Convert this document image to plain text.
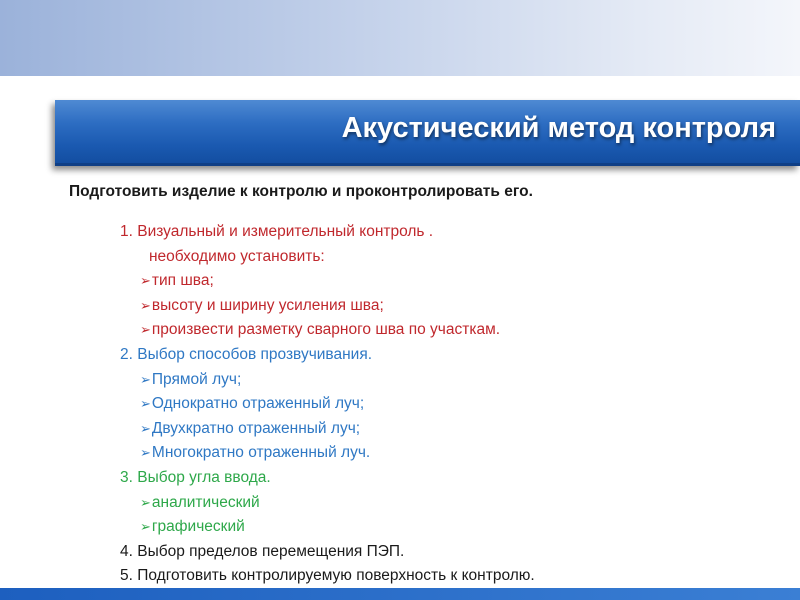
Акустический метод контроля
Подготовить изделие к контролю и проконтролировать его.
1. Визуальный и измерительный контроль .
необходимо установить:
➢тип шва;
➢высоту и ширину усиления шва;
➢произвести разметку сварного шва по участкам.
2. Выбор способов прозвучивания.
➢Прямой луч;
➢Однократно отраженный луч;
➢Двухкратно отраженный луч;
➢Многократно отраженный луч.
3. Выбор угла ввода.
➢аналитический
➢графический
4. Выбор пределов перемещения ПЭП.
5. Подготовить контролируемую поверхность к контролю.
